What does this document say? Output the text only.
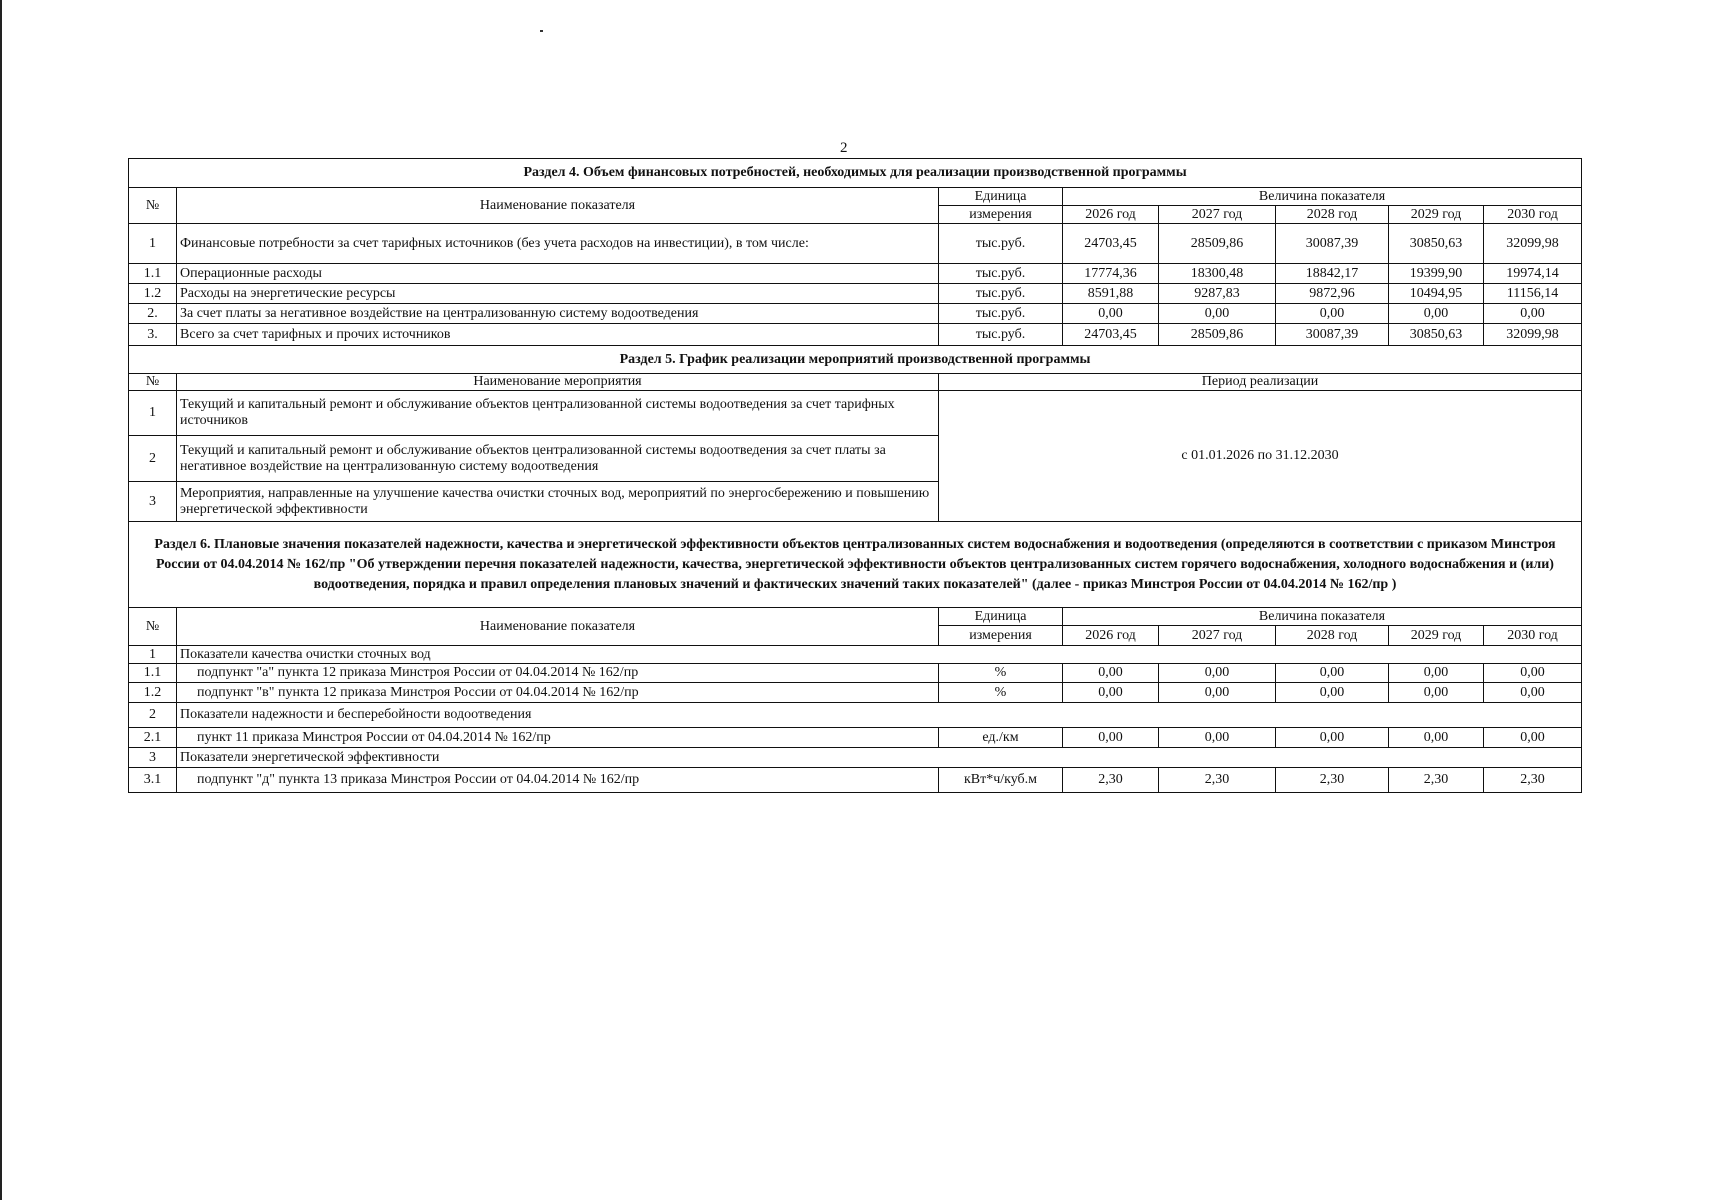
2
Раздел 4. Объем финансовых потребностей, необходимых для реализации производственной программы							
№	Наименование показателя	Единица	Величина показателя				
		измерения	2026 год	2027 год	2028 год	2029 год	2030 год
1	Финансовые потребности за счет тарифных источников (без учета расходов на инвестиции), в том числе:	тыс.руб.	24703,45	28509,86	30087,39	30850,63	32099,98
1.1	Операционные расходы	тыс.руб.	17774,36	18300,48	18842,17	19399,90	19974,14
1.2	Расходы на энергетические ресурсы	тыс.руб.	8591,88	9287,83	9872,96	10494,95	11156,14
2.	За счет платы за негативное воздействие на централизованную систему водоотведения	тыс.руб.	0,00	0,00	0,00	0,00	0,00
3.	Всего за счет тарифных и прочих источников	тыс.руб.	24703,45	28509,86	30087,39	30850,63	32099,98
Раздел 5. График реализации мероприятий производственной программы		
№	Наименование мероприятия	Период реализации
1	Текущий и капитальный ремонт и обслуживание объектов централизованной системы водоотведения за счет тарифных источников	с 01.01.2026 по 31.12.2030
2	Текущий и капитальный ремонт и обслуживание объектов централизованной системы водоотведения за счет платы за негативное воздействие на централизованную систему водоотведения	
3	Мероприятия, направленные на улучшение качества очистки сточных вод, мероприятий по энергосбережению и повышению энергетической эффективности	
Раздел 6. Плановые значения показателей надежности, качества и энергетической эффективности объектов централизованных систем водоснабжения и водоотведения (определяются в соответствии с приказом Минстроя России от 04.04.2014 № 162/пр "Об утверждении перечня показателей надежности, качества, энергетической эффективности объектов централизованных систем горячего водоснабжения, холодного водоснабжения и (или) водоотведения, порядка и правил определения плановых значений и фактических значений таких показателей" (далее - приказ Минстроя России от 04.04.2014 № 162/пр )							
№	Наименование показателя	Единица	Величина показателя				
		измерения	2026 год	2027 год	2028 год	2029 год	2030 год
1	Показатели качества очистки сточных вод						
1.1	подпункт "а" пункта 12 приказа Минстроя России от 04.04.2014 № 162/пр	%	0,00	0,00	0,00	0,00	0,00
1.2	подпункт "в" пункта 12 приказа Минстроя России от 04.04.2014 № 162/пр	%	0,00	0,00	0,00	0,00	0,00
2	Показатели надежности и бесперебойности водоотведения						
2.1	пункт 11 приказа Минстроя России от 04.04.2014 № 162/пр	ед./км	0,00	0,00	0,00	0,00	0,00
3	Показатели энергетической эффективности						
3.1	подпункт "д" пункта 13 приказа Минстроя России от 04.04.2014 № 162/пр	кВт*ч/куб.м	2,30	2,30	2,30	2,30	2,30
